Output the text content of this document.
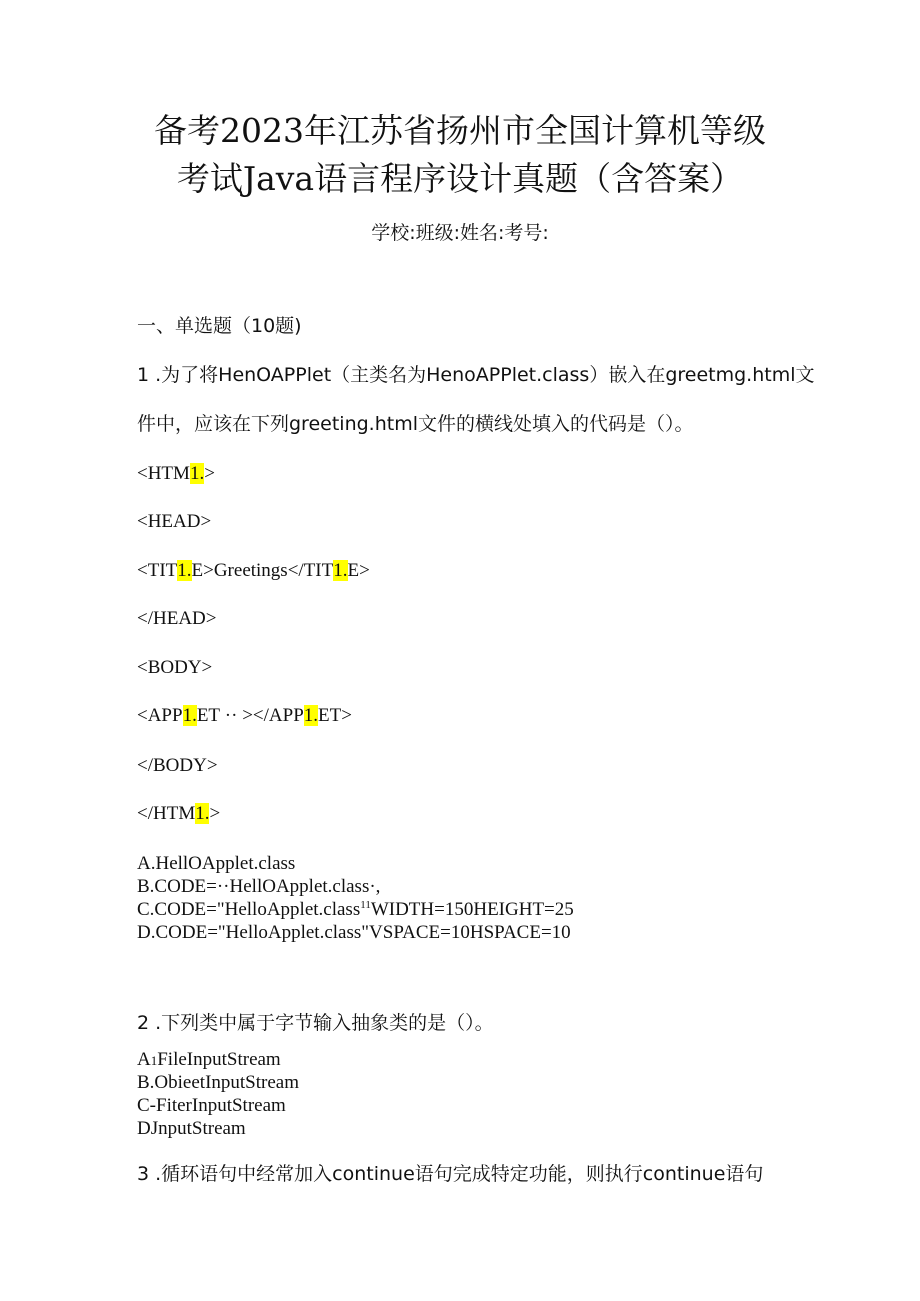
备考2023年江苏省扬州市全国计算机等级
考试Java语言程序设计真题（含答案）
学校:班级:姓名:考号:
一、单选题（10题)
1 .为了将HenOAPPlet（主类名为HenoAPPlet.class）嵌入在greetmg.html文
件中，应该在下列greeting.html文件的横线处填入的代码是（）。
<HTM1.>
<HEAD>
<TIT1.E>Greetings</TIT1.E>
</HEAD>
<BODY>
<APP1.ET ·· ></APP1.ET>
</BODY>
</HTM1.>
A.HellOApplet.class
B.CODE=··HellOApplet.class·,
C.CODE="HelloApplet.class$^{11}$WIDTH=150HEIGHT=25
D.CODE="HelloApplet.class"VSPACE=10HSPACE=10
2 .下列类中属于字节输入抽象类的是（）。
A1FileInputStream
B.ObieetInputStream
C-FiterInputStream
DJnputStream
3 .循环语句中经常加入continue语句完成特定功能，则执行continue语句
